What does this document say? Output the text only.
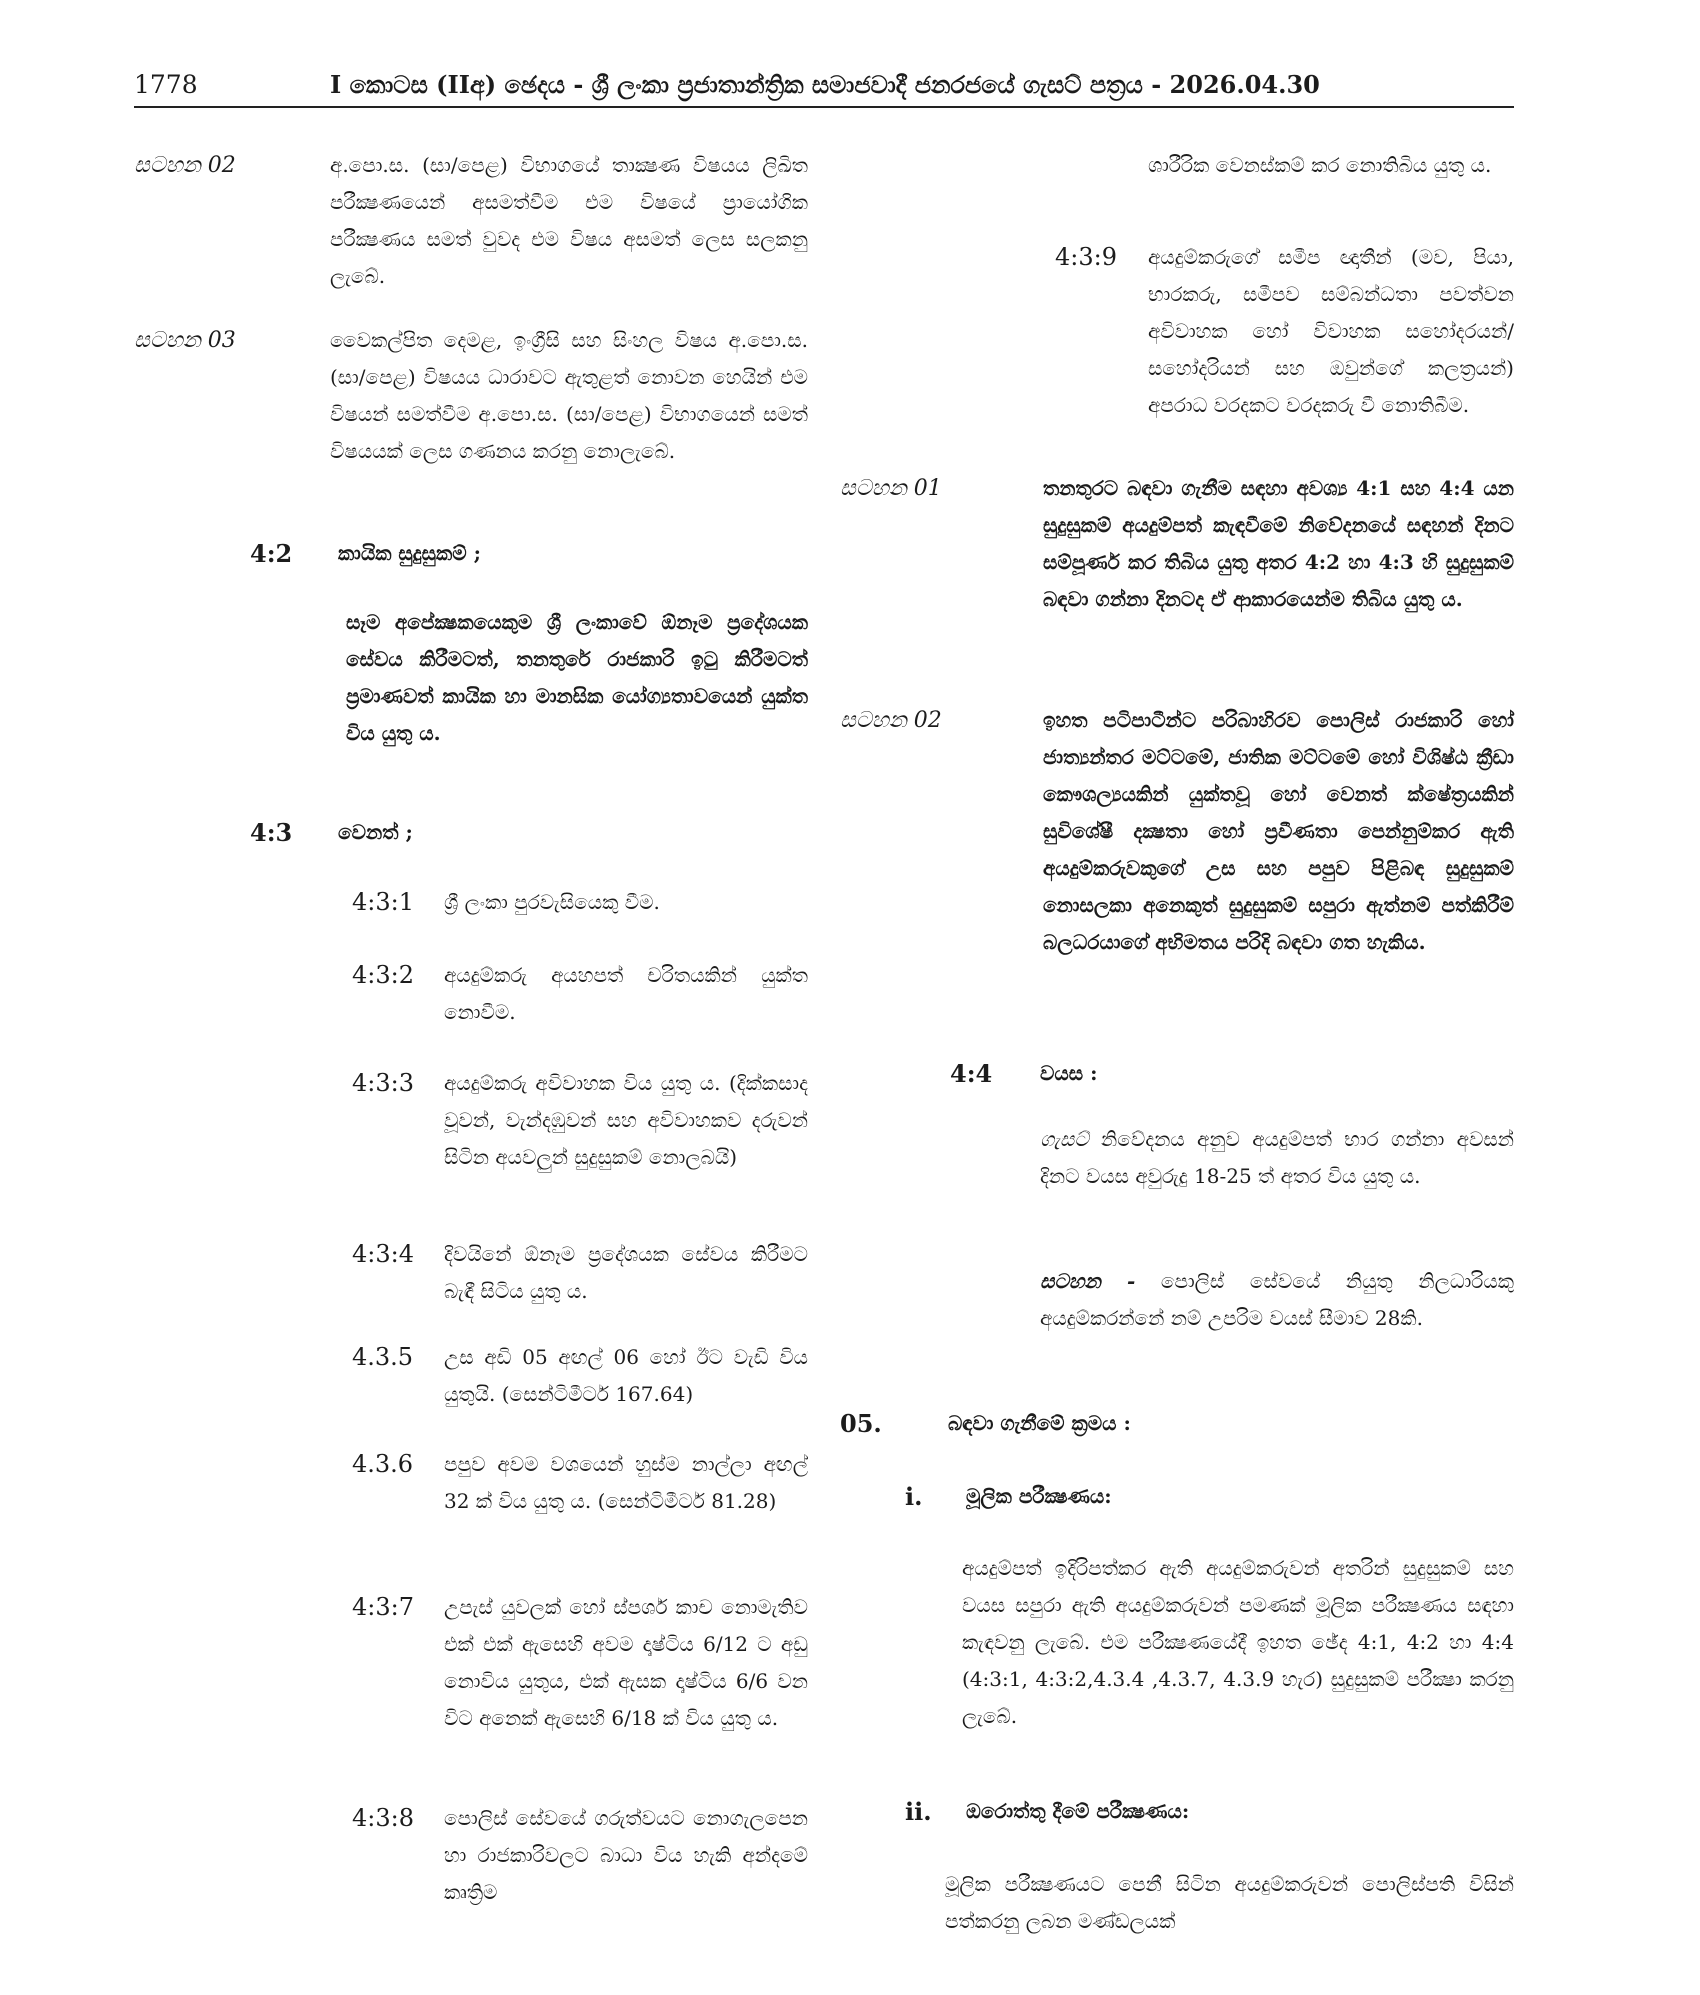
1778	I කොටස (IIඅ) ඡෙදය - ශ්‍රී ලංකා ප්‍රජාතාන්ත්‍රික සමාජවාදී ජනරජයේ ගැසට් පත්‍රය - 2026.04.30
සටහන 02	අ.පො.ස. (සා/පෙළ) විභාගයේ තාක්‍ෂණ විෂයය ලිඛිත පරීක්‍ෂණයෙන් අසමත්වීම එම විෂයේ ප්‍රායෝගික පරීක්‍ෂණය සමත් වුවද එම විෂය අසමත් ලෙස සලකනු ලැබේ.

සටහන 03	වෛකල්පිත දෙමළ, ඉංග්‍රීසි සහ සිංහල විෂය අ.පො.ස. (සා/පෙළ) විෂයය ධාරාවට ඇතුළත් නොවන හෙයින් එම විෂයන් සමත්වීම අ.පො.ස. (සා/පෙළ) විභාගයෙන් සමත් විෂයයක් ලෙස ගණනය කරනු නොලැබේ.

4:2 කායික සුදුසුකම් ;

සෑම අපේක්‍ෂකයෙකුම ශ්‍රී ලංකාවේ ඕනෑම ප්‍රදේශයක සේවය කිරීමටත්, තනතුරේ රාජකාරි ඉටු කිරීමටත් ප්‍රමාණවත් කායික හා මානසික යෝග්‍යතාවයෙන් යුක්ත විය යුතු ය.

4:3 වෙනත් ;
4:3:1 ශ්‍රී ලංකා පුරවැසියෙකු වීම.

4:3:2 අයදුම්කරු අයහපත් චරිතයකින් යුක්ත නොවීම.

4:3:3 අයදුම්කරු අවිවාහක විය යුතු ය. (දික්කසාද වූවන්, වැන්දඹුවන් සහ අවිවාහකව දරුවන් සිටින අයවලුන් සුදුසුකම් නොලබයි)

4:3:4 දිවයිනේ ඕනෑම ප්‍රදේශයක සේවය කිරීමට බැඳී සිටිය යුතු ය.

4.3.5 උස අඩි 05 අඟල් 06 හෝ ඊට වැඩි විය යුතුයි. (සෙන්ටිමීටර් 167.64)

4.3.6 පපුව අවම වශයෙන් හුස්ම නාල්ලා අඟල් 32 ක් විය යුතු ය. (සෙන්ටිමීටර් 81.28)

4:3:7 උපැස් යුවලක් හෝ ස්පර්ශ කාච නොමැතිව එක් එක් ඇසෙහි අවම දෘෂ්ටිය 6/12 ට අඩු නොවිය යුතුය, එක් ඇසක දෘෂ්ටිය 6/6 වන විට අනෙක් ඇසෙහි 6/18 ක් විය යුතු ය.

4:3:8 පොලිස් සේවයේ ගරුත්වයට නොගැලපෙන හා රාජකාරිවලට බාධා විය හැකි අන්දමේ කෘත්‍රිම

ශාරීරික වෙනස්කම් කර නොතිබිය යුතු ය.

4:3:9 අයදුම්කරුගේ සමීප ඥාතීන් (මව, පියා, භාරකරු, සමීපව සම්බන්ධතා පවත්වන අවිවාහක හෝ විවාහක සහෝදරයන්/ සහෝදරියන් සහ ඔවුන්ගේ කලත්‍රයන්) අපරාධ වරදකට වරදකරු වී නොතිබීම.

සටහන 01	තනතුරට බඳවා ගැනීම සඳහා අවශ්‍ය 4:1 සහ 4:4 යන සුදුසුකම් අයදුම්පත් කැඳවීමේ නිවේදනයේ සඳහන් දිනට සම්පූර්ණ කර තිබිය යුතු අතර 4:2 හා 4:3 හි සුදුසුකම් බඳවා ගන්නා දිනටද ඒ ආකාරයෙන්ම තිබිය යුතු ය.

සටහන 02	ඉහත පටිපාටීන්ට පරිබාහිරව පොලිස් රාජකාරි හෝ ජාත්‍යන්තර මට්ටමේ, ජාතික මට්ටමේ හෝ විශිෂ්ඨ ක්‍රීඩා කෞශල්‍යයකින් යුක්තවූ හෝ වෙනත් ක්ෂේත්‍රයකින් සුවිශේෂී දක්‍ෂතා හෝ ප්‍රවීණතා පෙන්නුම්කර ඇති අයදුම්කරුවකුගේ උස සහ පපුව පිළිබඳ සුදුසුකම් නොසලකා අනෙකුත් සුදුසුකම් සපුරා ඇත්නම් පත්කිරීම් බලධරයාගේ අභිමතය පරිදි බඳවා ගත හැකිය.

4:4 වයස :

ගැසට් නිවේදනය අනුව අයදුම්පත් භාර ගන්නා අවසන් දිනට වයස අවුරුදු 18-25 ත් අතර විය යුතු ය.

සටහන - පොලිස් සේවයේ නියුතු නිලධාරියකු අයදුම්කරන්නේ නම් උපරිම වයස් සීමාව 28කි.

05.	බඳවා ගැනීමේ ක්‍රමය :
i. මූලික පරීක්‍ෂණය:

අයදුම්පත් ඉදිරිපත්කර ඇති අයදුම්කරුවන් අතරින් සුදුසුකම් සහ වයස සපුරා ඇති අයදුම්කරුවන් පමණක් මූලික පරීක්‍ෂණය සඳහා කැඳවනු ලැබේ. එම පරීක්‍ෂණයේදී ඉහත ඡේද 4:1, 4:2 හා 4:4 (4:3:1, 4:3:2,4.3.4 ,4.3.7, 4.3.9 හැර) සුදුසුකම් පරීක්‍ෂා කරනු ලැබේ.

ii. ඔරොත්තු දීමේ පරීක්‍ෂණය:

මූලික පරීක්‍ෂණයට පෙනී සිටින අයදුම්කරුවන් පොලිස්පති විසින් පත්කරනු ලබන මණ්ඩලයක්
